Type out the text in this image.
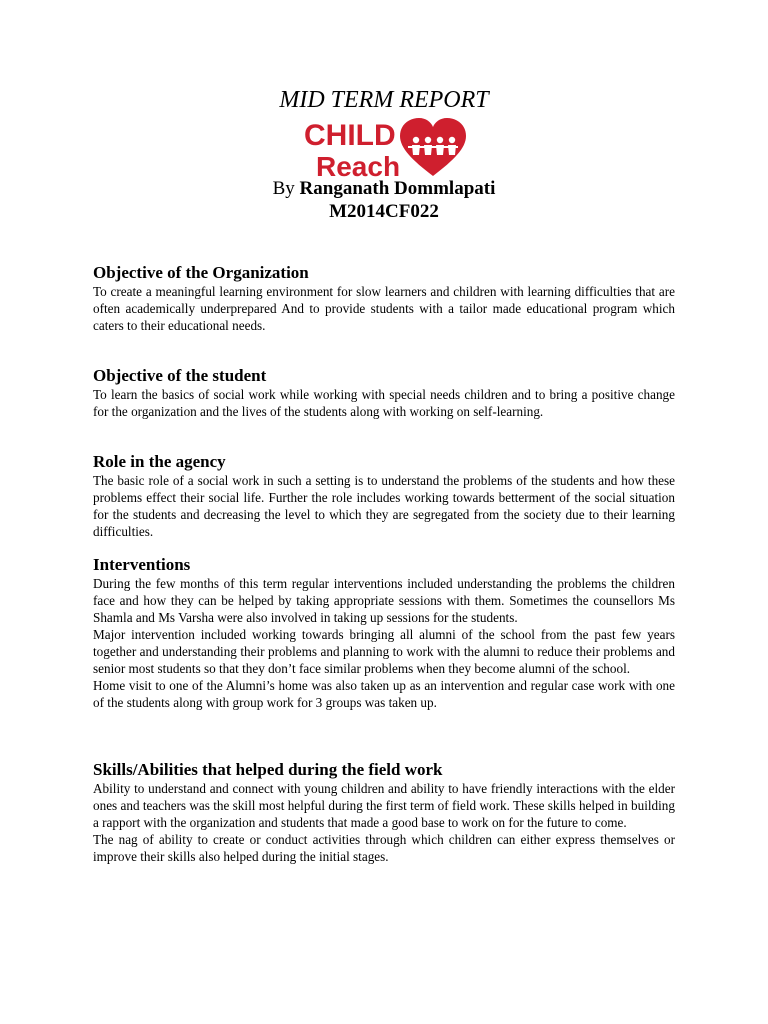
MID TERM REPORT
CHILD
Reach
By Ranganath Dommlapati
M2014CF022
Objective of the Organization

To create a meaningful learning environment for slow learners and children with learning difficulties that are often academically underprepared And to provide students with a tailor made educational program which caters to their educational needs.

Objective of the student

To learn the basics of social work while working with special needs children and to bring a positive change for the organization and the lives of the students along with working on self-learning.

Role in the agency

The basic role of a social work in such a setting is to understand the problems of the students and how these problems effect their social life. Further the role includes working towards betterment of the social situation for the students and decreasing the level to which they are segregated from the society due to their learning difficulties.

Interventions

During the few months of this term regular interventions included understanding the problems the children face and how they can be helped by taking appropriate sessions with them. Sometimes the counsellors Ms Shamla and Ms Varsha were also involved in taking up sessions for the students.

Major intervention included working towards bringing all alumni of the school from the past few years together and understanding their problems and planning to work with the alumni to reduce their problems and senior most students so that they don’t face similar problems when they become alumni of the school.

Home visit to one of the Alumni’s home was also taken up as an intervention and regular case work with one of the students along with group work for 3 groups was taken up.

Skills/Abilities that helped during the field work

Ability to understand and connect with young children and ability to have friendly interactions with the elder ones and teachers was the skill most helpful during the first term of field work. These skills helped in building a rapport with the organization and students that made a good base to work on for the future to come.

The nag of ability to create or conduct activities through which children can either express themselves or improve their skills also helped during the initial stages.
